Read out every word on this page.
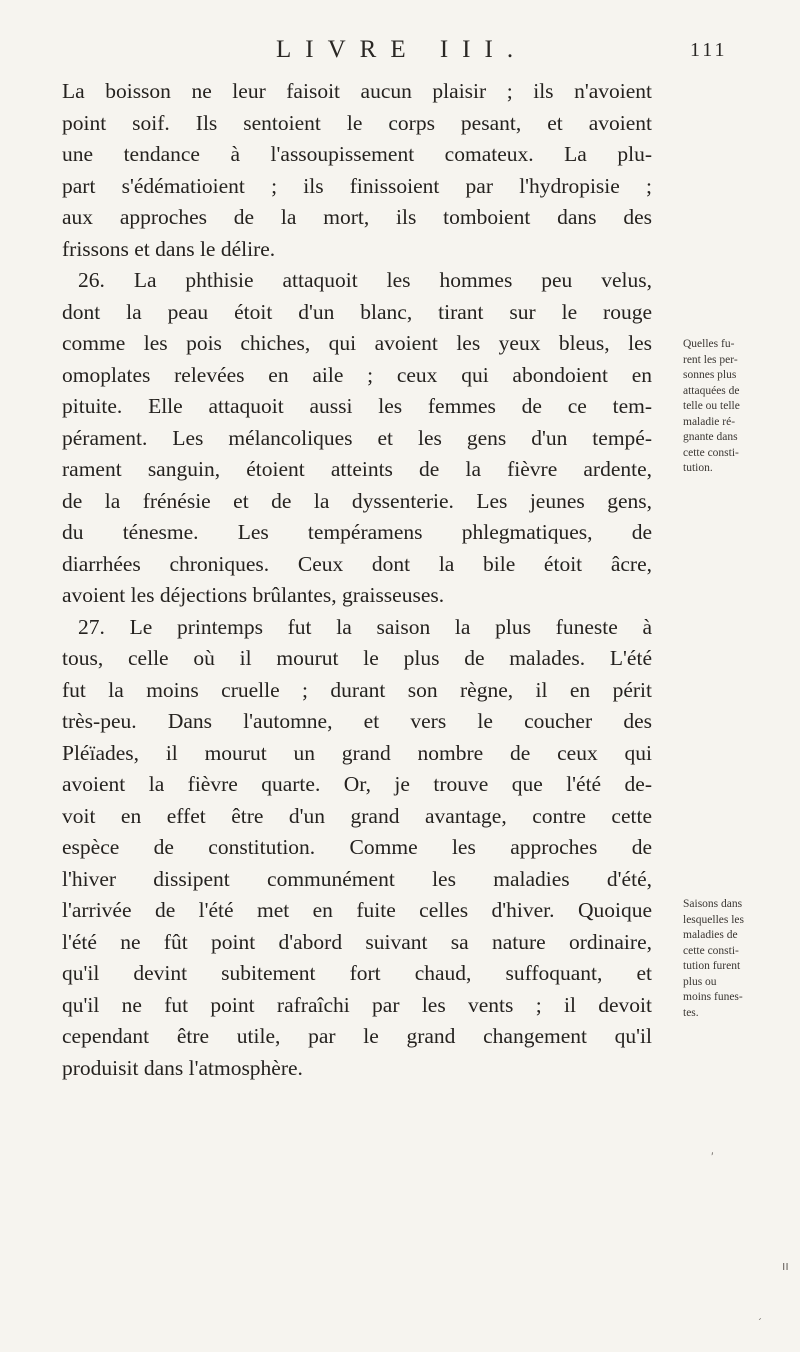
LIVRE III.	111
La boisson ne leur faisoit aucun plaisir ; ils n'avoient
point soif. Ils sentoient le corps pesant, et avoient
une tendance à l'assoupissement comateux. La plu-
part s'édématioient ; ils finissoient par l'hydropisie ;
aux approches de la mort, ils tomboient dans des
frissons et dans le délire.
26. La phthisie attaquoit les hommes peu velus,
dont la peau étoit d'un blanc, tirant sur le rouge
comme les pois chiches, qui avoient les yeux bleus, les
omoplates relevées en aile ; ceux qui abondoient en
pituite. Elle attaquoit aussi les femmes de ce tem-
pérament. Les mélancoliques et les gens d'un tempé-
rament sanguin, étoient atteints de la fièvre ardente,
de la frénésie et de la dyssenterie. Les jeunes gens,
du ténesme. Les tempéramens phlegmatiques, de
diarrhées chroniques. Ceux dont la bile étoit âcre,
avoient les déjections brûlantes, graisseuses.
27. Le printemps fut la saison la plus funeste à
tous, celle où il mourut le plus de malades. L'été
fut la moins cruelle ; durant son règne, il en périt
très-peu. Dans l'automne, et vers le coucher des
Pléïades, il mourut un grand nombre de ceux qui
avoient la fièvre quarte. Or, je trouve que l'été de-
voit en effet être d'un grand avantage, contre cette
espèce de constitution. Comme les approches de
l'hiver dissipent communément les maladies d'été,
l'arrivée de l'été met en fuite celles d'hiver. Quoique
l'été ne fût point d'abord suivant sa nature ordinaire,
qu'il devint subitement fort chaud, suffoquant, et
qu'il ne fut point rafraîchi par les vents ; il devoit
cependant être utile, par le grand changement qu'il
produisit dans l'atmosphère.
Quelles fu-
rent les per-
sonnes plus
attaquées de
telle ou telle
maladie ré-
gnante dans
cette consti-
tution.
Saisons dans
lesquelles les
maladies de
cette consti-
tution furent
plus ou
moins funes-
tes.
ˏ
ˊ
ıı
